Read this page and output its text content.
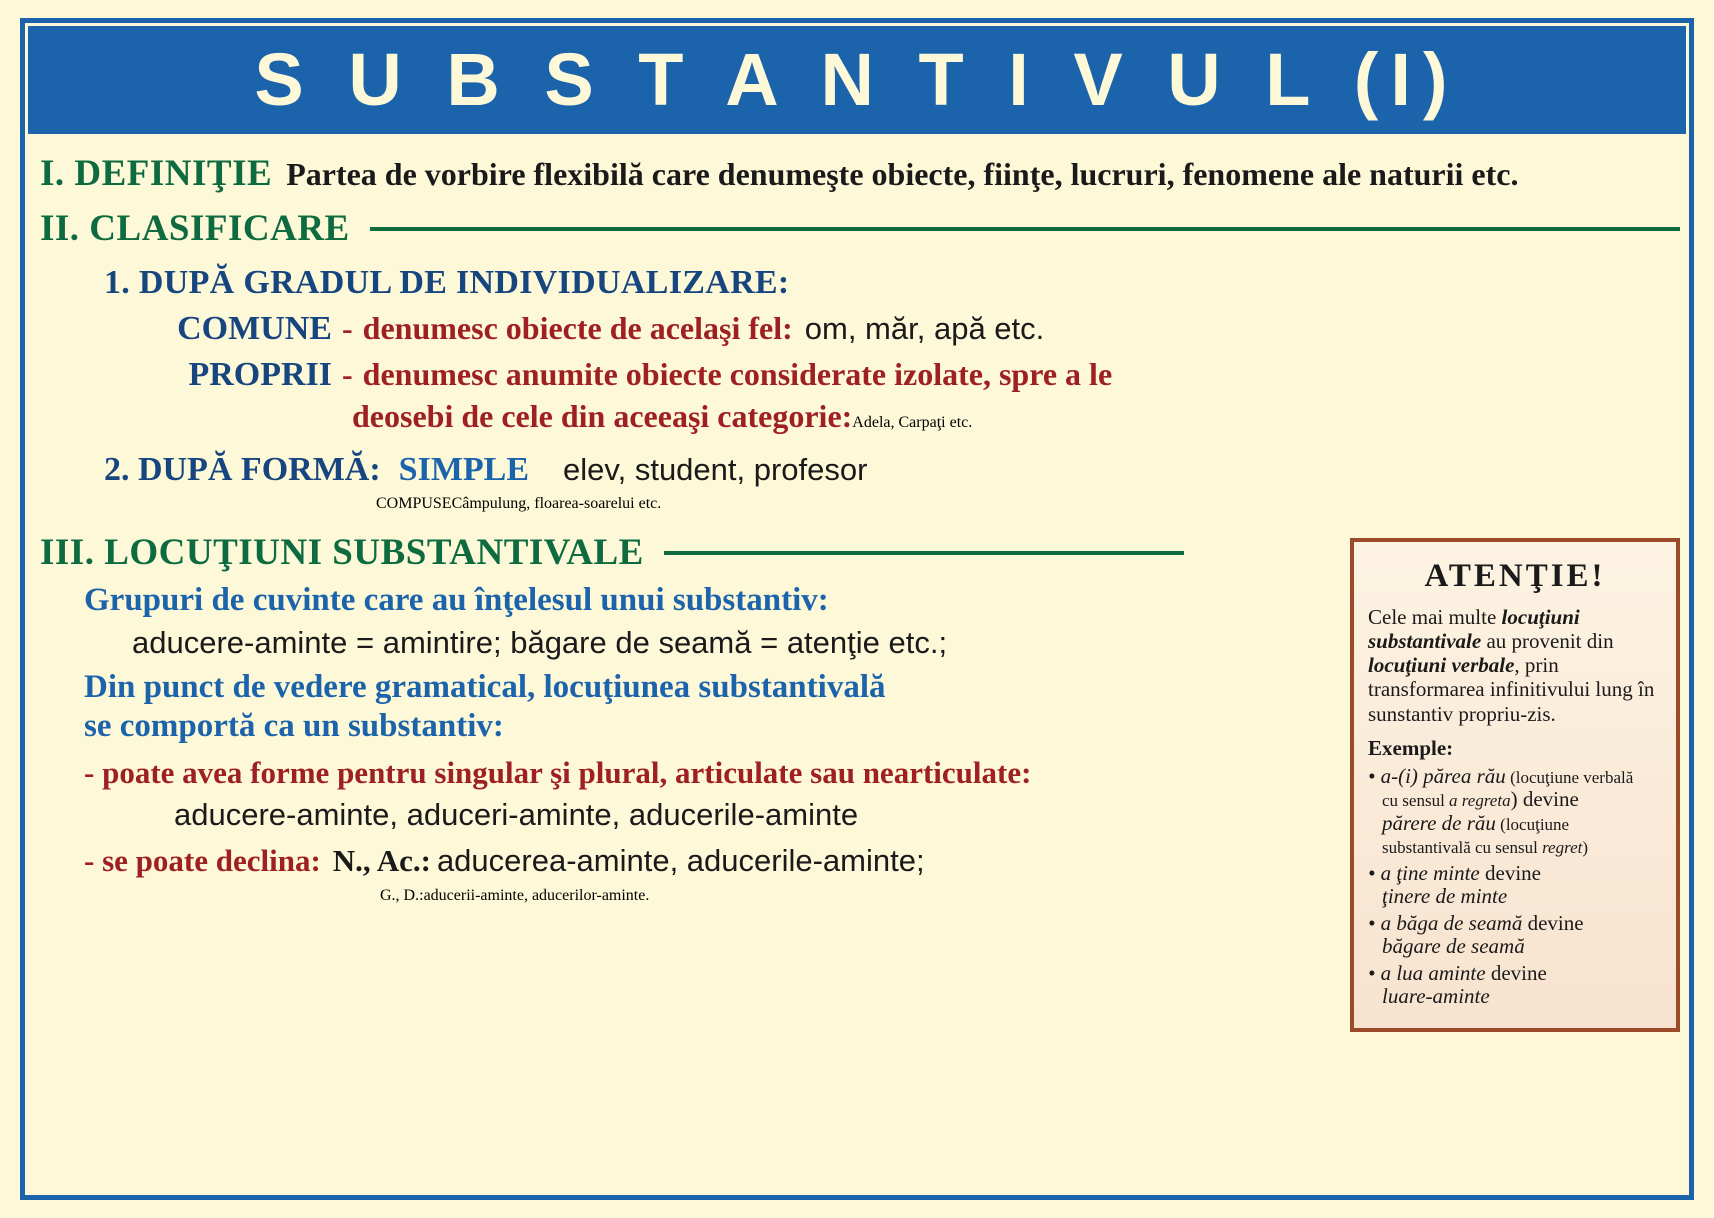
S U B S T A N T I V U L (I)
I. DEFINIŢIE Partea de vorbire flexibilă care denumeşte obiecte, fiinţe, lucruri, fenomene ale naturii etc.
II. CLASIFICARE
1. DUPĂ GRADUL DE INDIVIDUALIZARE:
COMUNE - denumesc obiecte de acelaşi fel: om, măr, apă etc.
PROPRII - denumesc anumite obiecte considerate izolate, spre a le
deosebi de cele din aceeaşi categorie: Adela, Carpaţi etc.
2. DUPĂ FORMĂ: SIMPLE	elev, student, profesor
COMPUSE Câmpulung, floarea-soarelui etc.
III. LOCUŢIUNI SUBSTANTIVALE
Grupuri de cuvinte care au înţelesul unui substantiv:
aducere-aminte = amintire; băgare de seamă = atenţie etc.;
Din punct de vedere gramatical, locuţiunea substantivală
se comportă ca un substantiv:
- poate avea forme pentru singular şi plural, articulate sau nearticulate:
aducere-aminte, aduceri-aminte, aducerile-aminte
- se poate declina: N., Ac.: aducerea-aminte, aducerile-aminte;
G., D.: aducerii-aminte, aducerilor-aminte.
ATENŢIE!

Cele mai multe locuţiuni substantivale au provenit din locuţiuni verbale, prin transformarea infinitivului lung în sunstantiv propriu-zis.

Exemple:
• a-(i) părea rău (locuţiune verbală
cu sensul a regreta) devine
părere de rău (locuţiune substantivală cu sensul regret)
• a ţine minte devine
ţinere de minte
• a băga de seamă devine
băgare de seamă
• a lua aminte devine
luare-aminte
